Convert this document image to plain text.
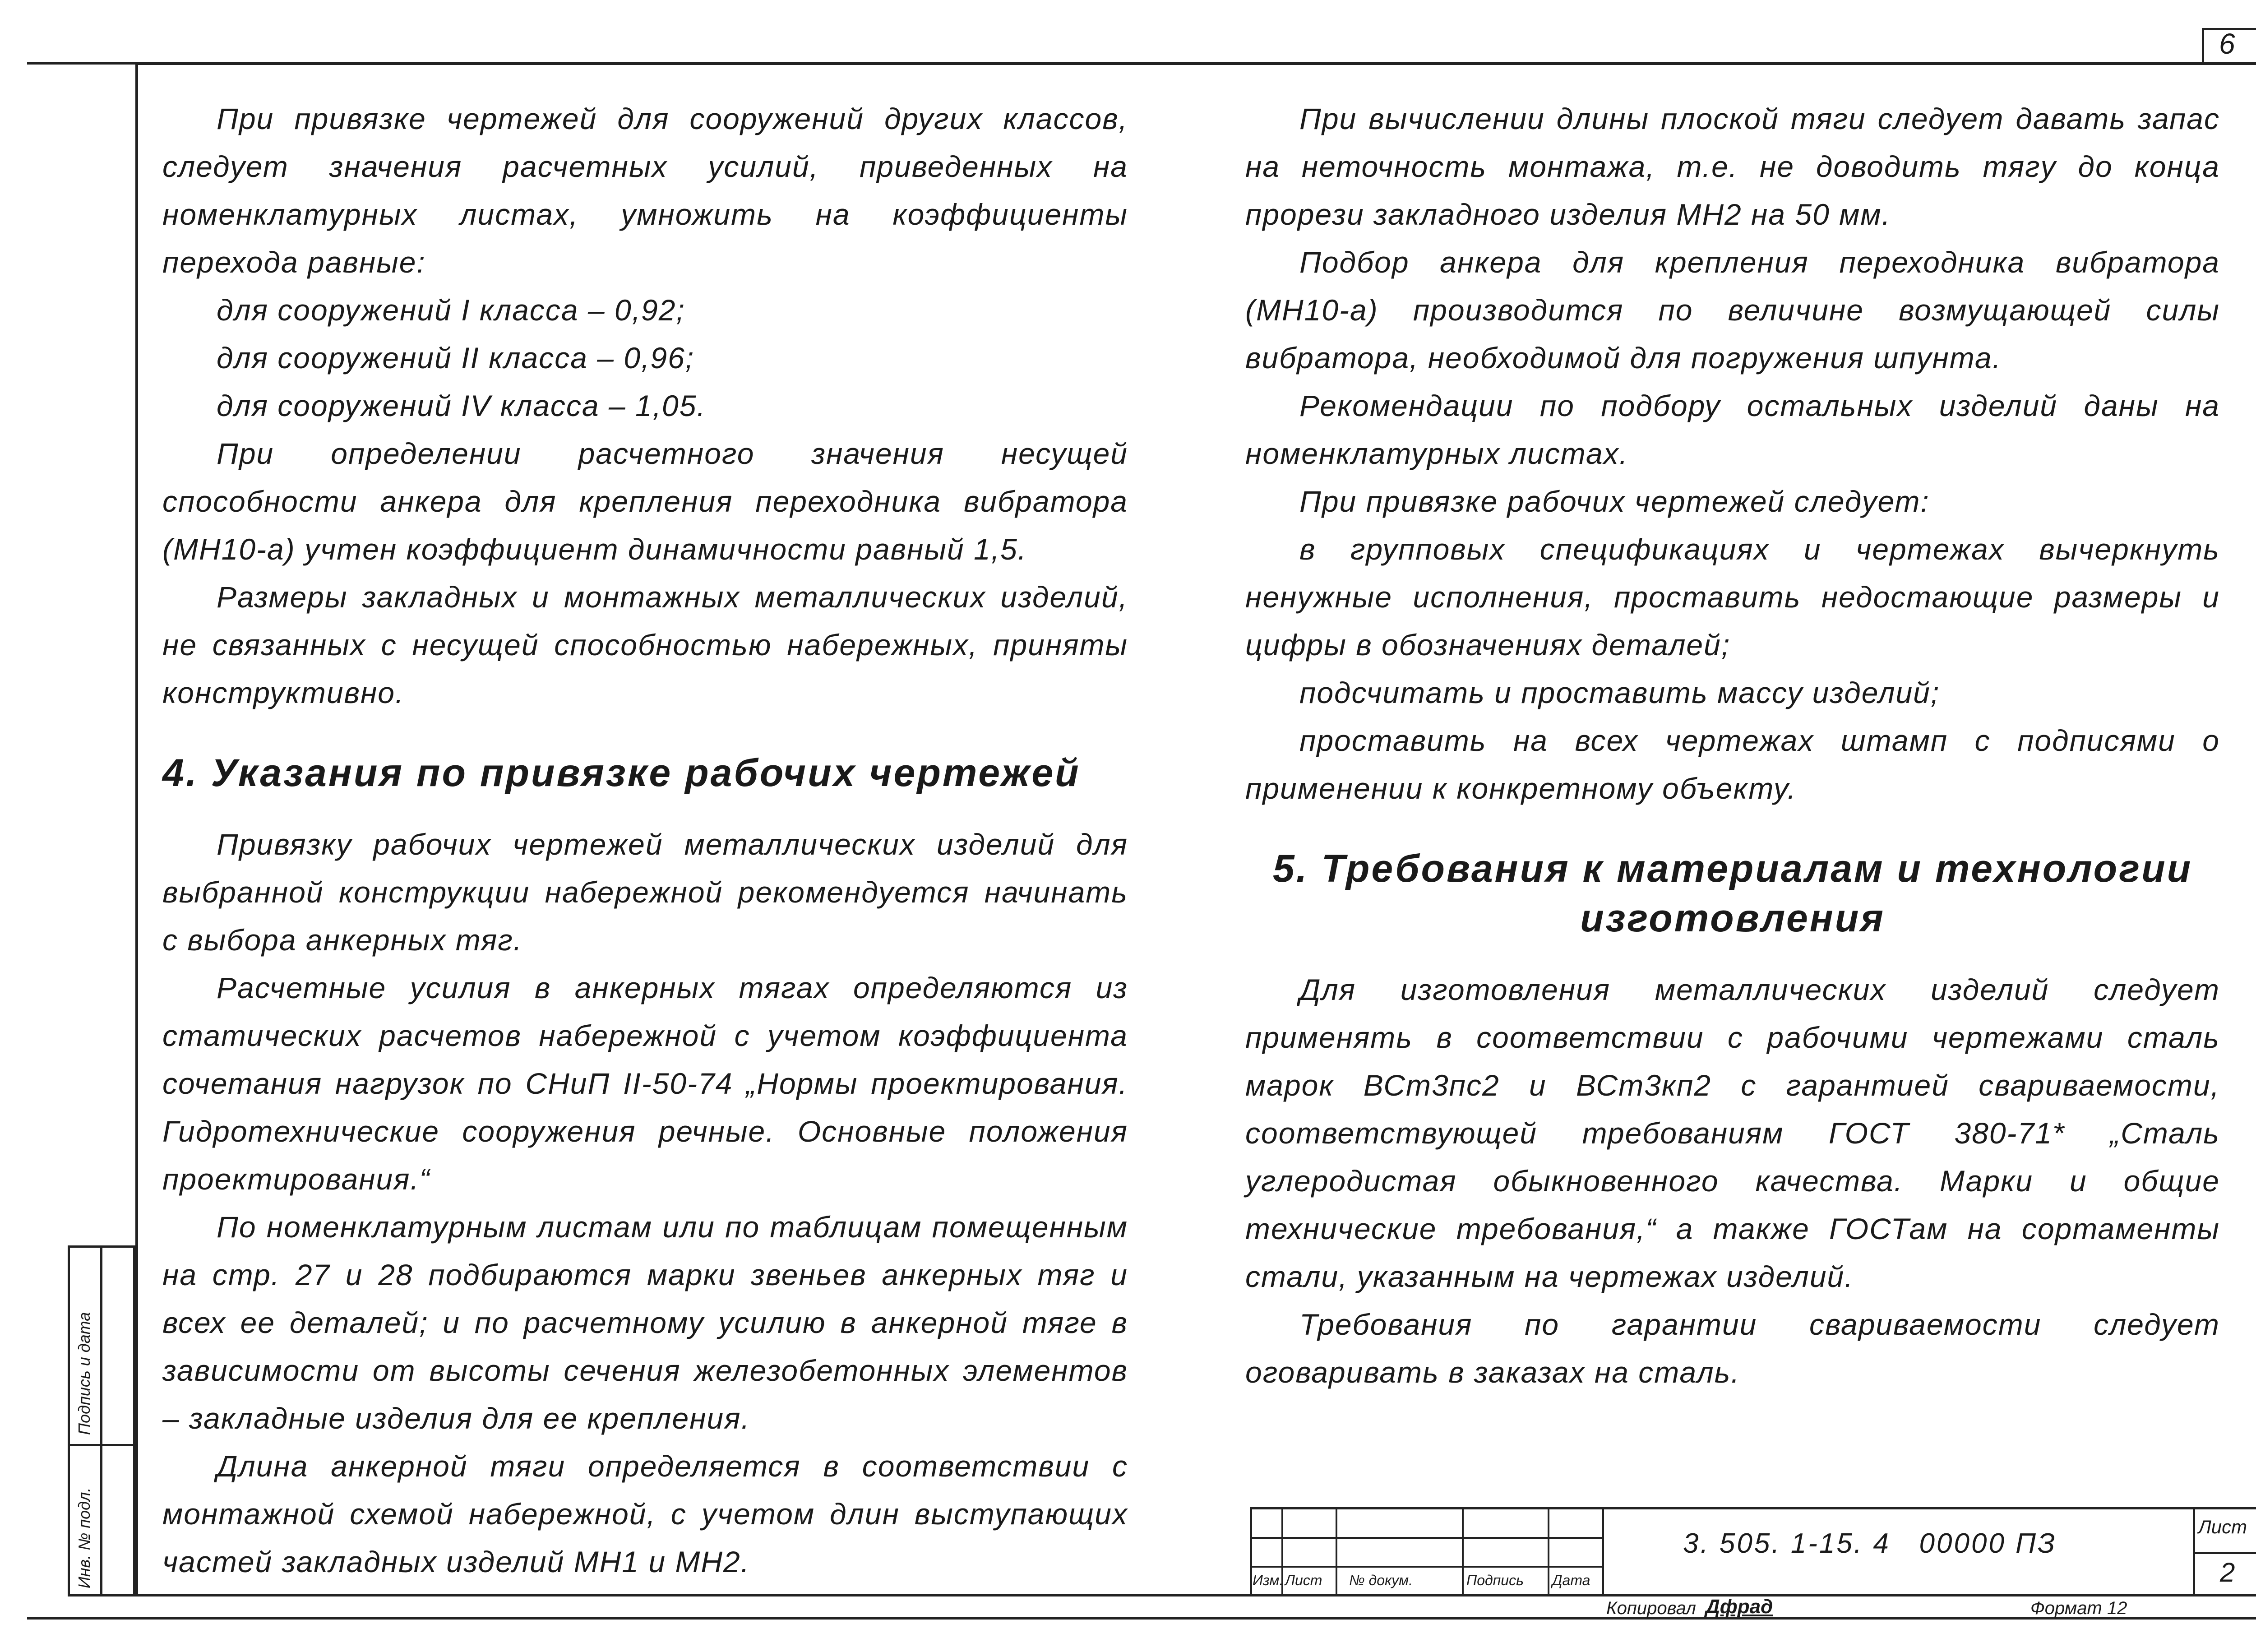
6
Инв. № подл.
Подпись и дата

При привязке чертежей для сооружений других классов, следует значения расчетных усилий, приведенных на номенклатурных листах, умножить на коэффициенты перехода равные:

для сооружений I класса – 0,92;
для сооружений II класса – 0,96;
для сооружений IV класса – 1,05.

При определении расчетного значения несущей способности анкера для крепления переходника вибратора (МН10-а) учтен коэффициент динамичности равный 1,5.

Размеры закладных и монтажных металлических изделий, не связанных с несущей способностью набережных, приняты конструктивно.

4. Указания по привязке рабочих чертежей

Привязку рабочих чертежей металлических изделий для выбранной конструкции набережной рекомендуется начинать с выбора анкерных тяг.

Расчетные усилия в анкерных тягах определяются из статических расчетов набережной с учетом коэффициента сочетания нагрузок по СНиП II-50-74 „Нормы проектирования. Гидротехнические сооружения речные. Основные положения проектирования.“

По номенклатурным листам или по таблицам помещенным на стр. 27 и 28 подбираются марки звеньев анкерных тяг и всех ее деталей; и по расчетному усилию в анкерной тяге в зависимости от высоты сечения железобетонных элементов – закладные изделия для ее крепления.

Длина анкерной тяги определяется в соответствии с монтажной схемой набережной, с учетом длин выступающих частей закладных изделий МН1 и МН2.

При вычислении длины плоской тяги следует давать запас на неточность монтажа, т.е. не доводить тягу до конца прорези закладного изделия МН2 на 50 мм.

Подбор анкера для крепления переходника вибратора (МН10-а) производится по величине возмущающей силы вибратора, необходимой для погружения шпунта.

Рекомендации по подбору остальных изделий даны на номенклатурных листах.

При привязке рабочих чертежей следует:

в групповых спецификациях и чертежах вычеркнуть ненужные исполнения, проставить недостающие размеры и цифры в обозначениях деталей;

подсчитать и проставить массу изделий;

проставить на всех чертежах штамп с подписями о применении к конкретному объекту.

5. Требования к материалам и технологии изготовления

Для изготовления металлических изделий следует применять в соответствии с рабочими чертежами сталь марок ВСт3пс2 и ВСт3кп2 с гарантией свариваемости, соответствующей требованиям ГОСТ 380-71* „Сталь углеродистая обыкновенного качества. Марки и общие технические требования,“ а также ГОСТам на сортаменты стали, указанным на чертежах изделий.

Требования по гарантии свариваемости следует оговаривать в заказах на сталь.

Изм. Лист № докум.	Подпись Дата
3. 505. 1-15. 4   00000 ПЗ
Лист
2
Копировал Дфрад	Формат 12
